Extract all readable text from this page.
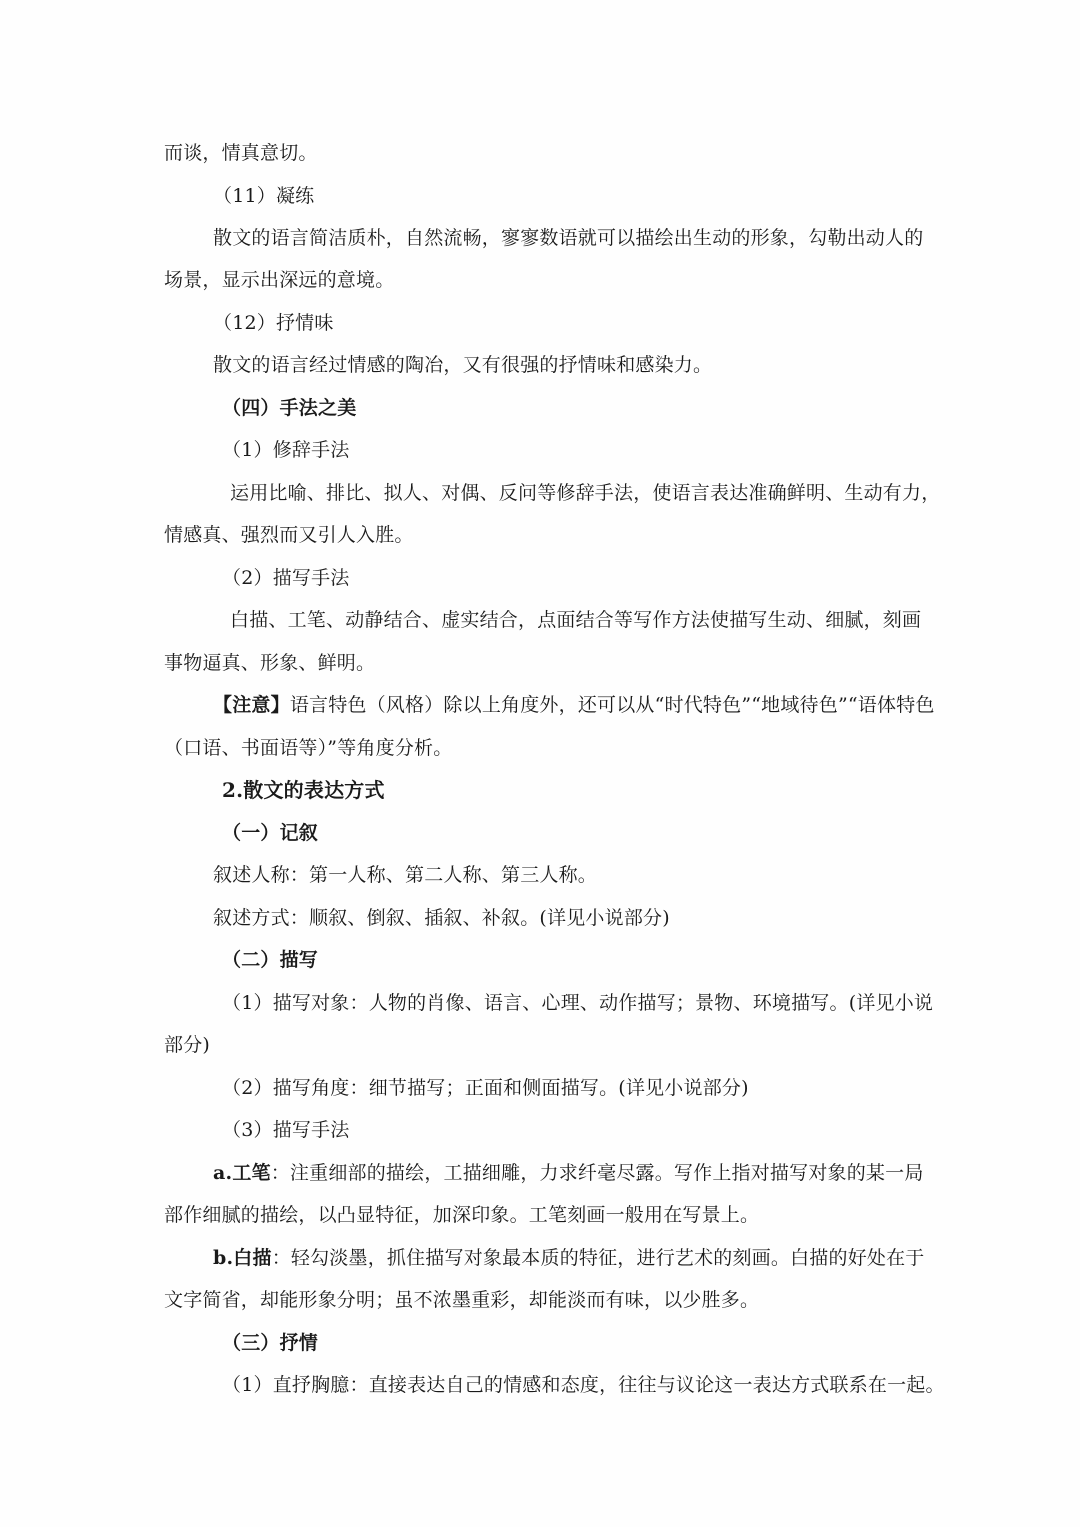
而谈，情真意切。
（11）凝练
散文的语言简洁质朴，自然流畅，寥寥数语就可以描绘出生动的形象，勾勒出动人的
场景，显示出深远的意境。
（12）抒情味
散文的语言经过情感的陶冶，又有很强的抒情味和感染力。
（四）手法之美
（1）修辞手法
运用比喻、排比、拟人、对偶、反问等修辞手法，使语言表达准确鲜明、生动有力，
情感真、强烈而又引人入胜。
（2）描写手法
白描、工笔、动静结合、虚实结合，点面结合等写作方法使描写生动、细腻，刻画
事物逼真、形象、鲜明。
【注意】语言特色（风格）除以上角度外，还可以从“时代特色”“地域待色”“语体特色
（口语、书面语等）”等角度分析。
2.散文的表达方式
（一）记叙
叙述人称：第一人称、第二人称、第三人称。
叙述方式：顺叙、倒叙、插叙、补叙。(详见小说部分)
（二）描写
（1）描写对象：人物的肖像、语言、心理、动作描写；景物、环境描写。(详见小说
部分)
（2）描写角度：细节描写；正面和侧面描写。(详见小说部分)
（3）描写手法
a.工笔：注重细部的描绘，工描细雕，力求纤毫尽露。写作上指对描写对象的某一局
部作细腻的描绘，以凸显特征，加深印象。工笔刻画一般用在写景上。
b.白描：轻勾淡墨，抓住描写对象最本质的特征，进行艺术的刻画。白描的好处在于
文字简省，却能形象分明；虽不浓墨重彩，却能淡而有味，以少胜多。
（三）抒情
（1）直抒胸臆：直接表达自己的情感和态度，往往与议论这一表达方式联系在一起。
